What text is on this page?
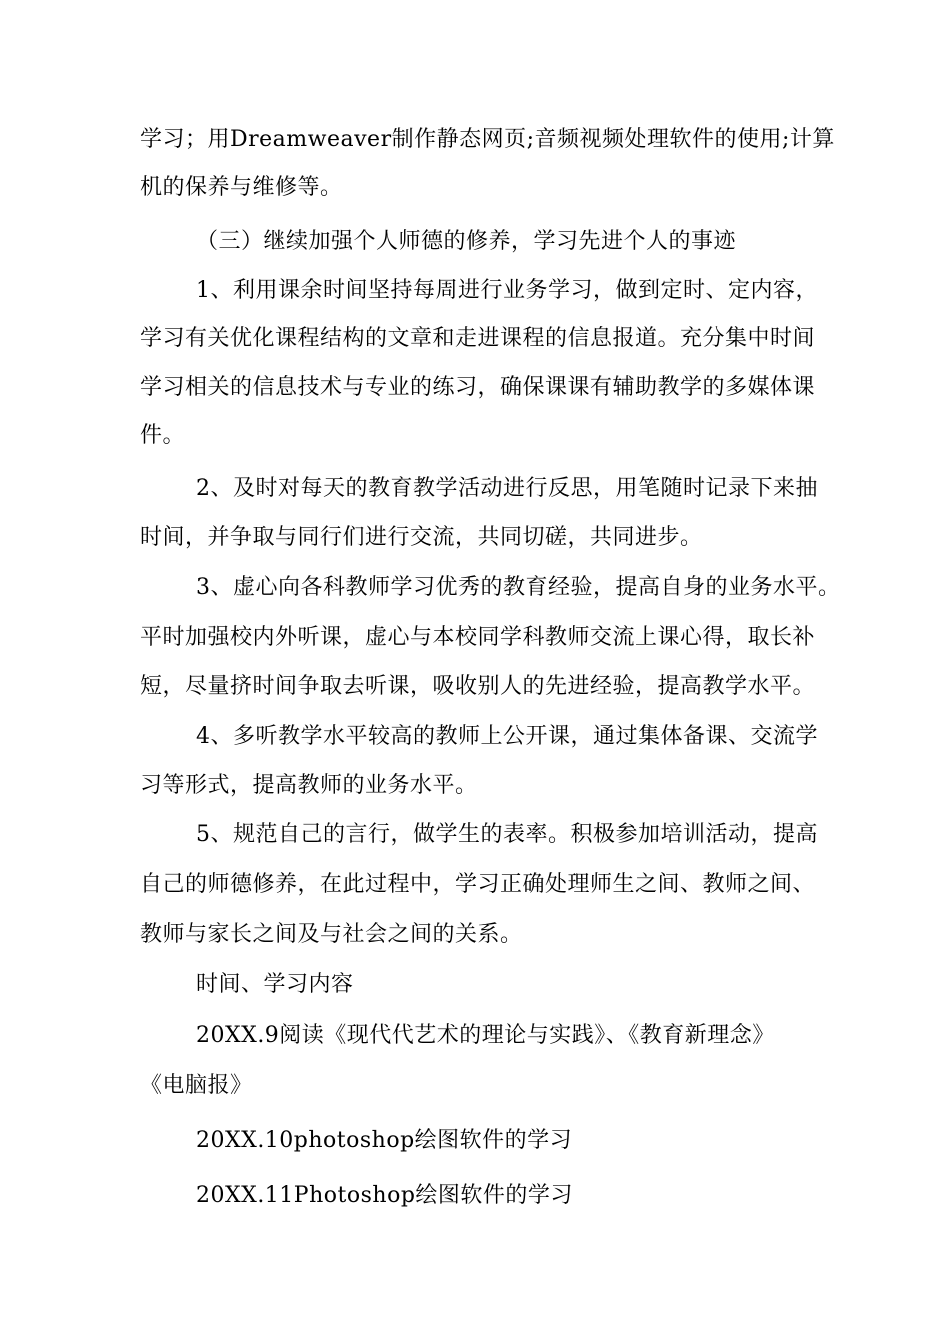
学习；用Dreamweaver制作静态网页;音频视频处理软件的使用;计算
机的保养与维修等。
（三）继续加强个人师德的修养，学习先进个人的事迹
1、利用课余时间坚持每周进行业务学习，做到定时、定内容，
学习有关优化课程结构的文章和走进课程的信息报道。充分集中时间
学习相关的信息技术与专业的练习，确保课课有辅助教学的多媒体课
件。
2、及时对每天的教育教学活动进行反思，用笔随时记录下来抽
时间，并争取与同行们进行交流，共同切磋，共同进步。
3、虚心向各科教师学习优秀的教育经验，提高自身的业务水平。
平时加强校内外听课，虚心与本校同学科教师交流上课心得，取长补
短，尽量挤时间争取去听课，吸收别人的先进经验，提高教学水平。
4、多听教学水平较高的教师上公开课，通过集体备课、交流学
习等形式，提高教师的业务水平。
5、规范自己的言行，做学生的表率。积极参加培训活动，提高
自己的师德修养，在此过程中，学习正确处理师生之间、教师之间、
教师与家长之间及与社会之间的关系。
时间、学习内容
20XX.9阅读《现代代艺术的理论与实践》、《教育新理念》
《电脑报》
20XX.10photoshop绘图软件的学习
20XX.11Photoshop绘图软件的学习
